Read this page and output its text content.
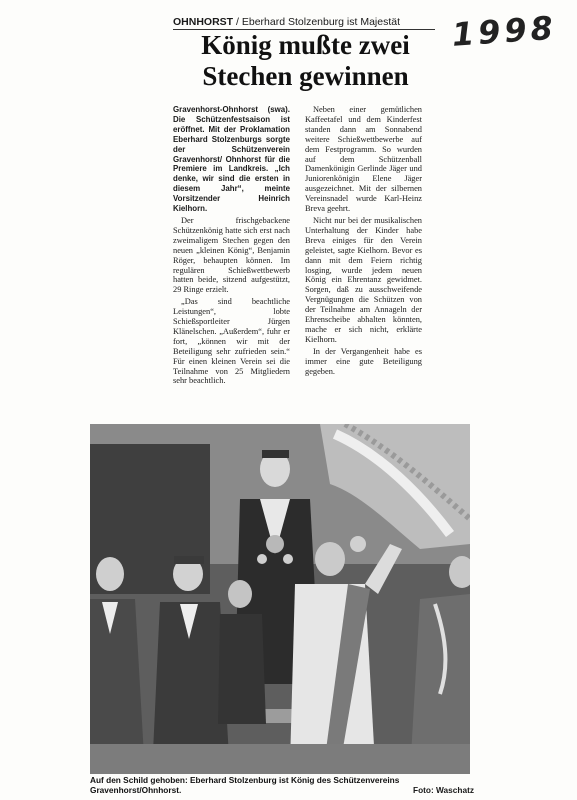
1998
OHNHORST / Eberhard Stolzenburg ist Majestät
König mußte zwei
Stechen gewinnen

Gravenhorst-Ohnhorst (swa). Die Schützenfestsaison ist eröffnet. Mit der Proklamation Eberhard Stolzenburgs sorgte der Schützenverein Gravenhorst/ Ohnhorst für die Premiere im Landkreis. „Ich denke, wir sind die ersten in diesem Jahr“, meinte Vorsitzender Heinrich Kielhorn.

Der frischgebackene Schützenkönig hatte sich erst nach zweimaligem Stechen gegen den neuen „kleinen König“, Benjamin Röger, behaupten können. Im regulären Schießwettbewerb hatten beide, sitzend aufgestützt, 29 Ringe erzielt.

„Das sind beachtliche Leistungen“, lobte Schießsportleiter Jürgen Klänelschen. „Außerdem“, fuhr er fort, „können wir mit der Beteiligung sehr zufrieden sein.“ Für einen kleinen Verein sei die Teilnahme von 25 Mitgliedern sehr beachtlich.

Neben einer gemütlichen Kaffeetafel und dem Kinderfest standen dann am Sonnabend weitere Schießwettbewerbe auf dem Festprogramm. So wurden auf dem Schützenball Damenkönigin Gerlinde Jäger und Juniorenkönigin Elene Jäger ausgezeichnet. Mit der silbernen Vereinsnadel wurde Karl-Heinz Breva geehrt.

Nicht nur bei der musikalischen Unterhaltung der Kinder habe Breva einiges für den Verein geleistet, sagte Kielhorn. Bevor es dann mit dem Feiern richtig losging, wurde jedem neuen König ein Ehrentanz gewidmet. Sorgen, daß zu ausschweifende Vergnügungen die Schützen von der Teilnahme am Annageln der Ehrenscheibe abhalten könnten, mache er sich nicht, erklärte Kielhorn.

In der Vergangenheit habe es immer eine gute Beteiligung gegeben.

Auf den Schild gehoben: Eberhard Stolzenburg ist König des Schützenvereins Gravenhorst/Ohnhorst.	Foto: Waschatz
